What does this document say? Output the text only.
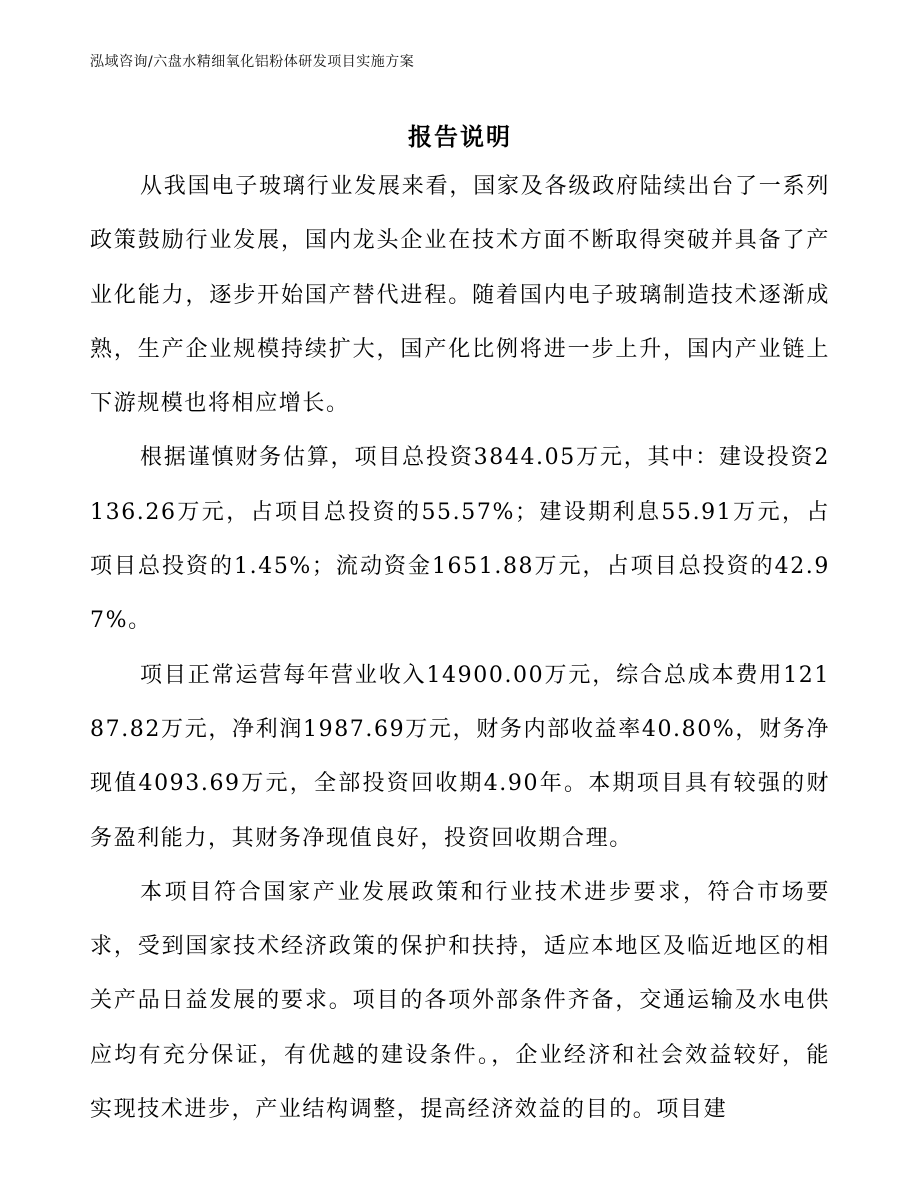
泓域咨询/六盘水精细氧化铝粉体研发项目实施方案
报告说明

从我国电子玻璃行业发展来看，国家及各级政府陆续出台了一系列政策鼓励行业发展，国内龙头企业在技术方面不断取得突破并具备了产业化能力，逐步开始国产替代进程。随着国内电子玻璃制造技术逐渐成熟，生产企业规模持续扩大，国产化比例将进一步上升，国内产业链上下游规模也将相应增长。

根据谨慎财务估算，项目总投资3844.05万元，其中：建设投资2136.26万元，占项目总投资的55.57%；建设期利息55.91万元，占项目总投资的1.45%；流动资金1651.88万元，占项目总投资的42.97%。

项目正常运营每年营业收入14900.00万元，综合总成本费用12187.82万元，净利润1987.69万元，财务内部收益率40.80%，财务净现值4093.69万元，全部投资回收期4.90年。本期项目具有较强的财务盈利能力，其财务净现值良好，投资回收期合理。

本项目符合国家产业发展政策和行业技术进步要求，符合市场要求，受到国家技术经济政策的保护和扶持，适应本地区及临近地区的相关产品日益发展的要求。项目的各项外部条件齐备，交通运输及水电供应均有充分保证，有优越的建设条件。，企业经济和社会效益较好，能实现技术进步，产业结构调整，提高经济效益的目的。项目建
